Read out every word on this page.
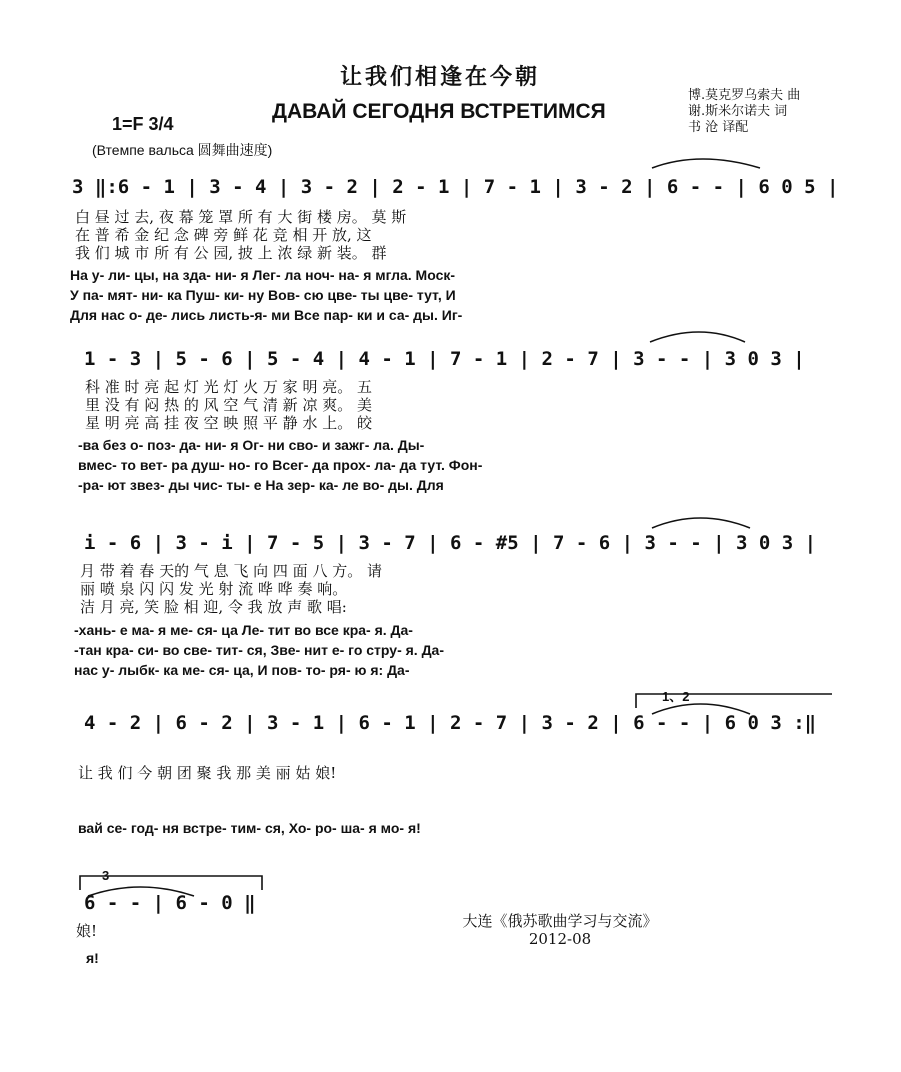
让我们相逢在今朝
ДАВАЙ СЕГОДНЯ ВСТРЕТИМСЯ
博.莫克罗乌索夫 曲
谢.斯米尔诺夫 词
书 沧 译配
1=F 3/4
(Втемпе вальса 圆舞曲速度)
3 ‖:6 - 1 | 3 - 4 | 3 - 2 | 2 - 1 | 7 - 1 | 3 - 2 | 6 - - | 6 0 5 |
白 昼 过 去, 夜 幕 笼 罩 所 有 大 街 楼 房。 莫 斯
在 普 希 金 纪 念 碑 旁 鲜 花 竞 相 开 放, 这
我 们 城 市 所 有 公 园, 披 上 浓 绿 新 装。 群
На у- ли- цы, на зда- ни- я Лег- ла ноч- на- я мгла. Моск-
У па- мят- ни- ка Пуш- ки- ну Вов- сю цве- ты цве- тут, И
Для нас о- де- лись листь-я- ми Все пар- ки и са- ды. Иг-
1 - 3 | 5 - 6 | 5 - 4 | 4 - 1 | 7 - 1 | 2 - 7 | 3 - - | 3 0 3 |
科 准 时 亮 起 灯 光 灯 火 万 家 明 亮。 五
里 没 有 闷 热 的 风 空 气 清 新 凉 爽。 美
星 明 亮 高 挂 夜 空 映 照 平 静 水 上。 皎
-ва без о- поз- да- ни- я Ог- ни сво- и зажг- ла. Ды-
вмес- то вет- ра душ- но- го Всег- да прох- ла- да тут. Фон-
-ра- ют звез- ды чис- ты- е На зер- ка- ле во- ды. Для
i - 6 | 3 - i | 7 - 5 | 3 - 7 | 6 - #5 | 7 - 6 | 3 - - | 3 0 3 |
月 带 着 春 天的 气 息 飞 向 四 面 八 方。 请
丽 喷 泉 闪 闪 发 光 射 流 哗 哗 奏 响。
洁 月 亮, 笑 脸 相 迎, 令 我 放 声 歌 唱:
-хань- е ма- я ме- ся- ца Ле- тит во все кра- я. Да-
-тан кра- си- во све- тит- ся, Зве- нит е- го стру- я. Да-
нас у- лыбк- ка ме- ся- ца, И пов- то- ря- ю я: Да-
1、2
4 - 2 | 6 - 2 | 3 - 1 | 6 - 1 | 2 - 7 | 3 - 2 | 6 - - | 6 0 3 :‖
让 我 们 今 朝 团 聚 我 那 美 丽 姑 娘!
вай се- год- ня встре- тим- ся, Хо- ро- ша- я мо- я!
3
6 - - | 6 - 0 ‖
娘!
я!
大连《俄苏歌曲学习与交流》
2012-08
